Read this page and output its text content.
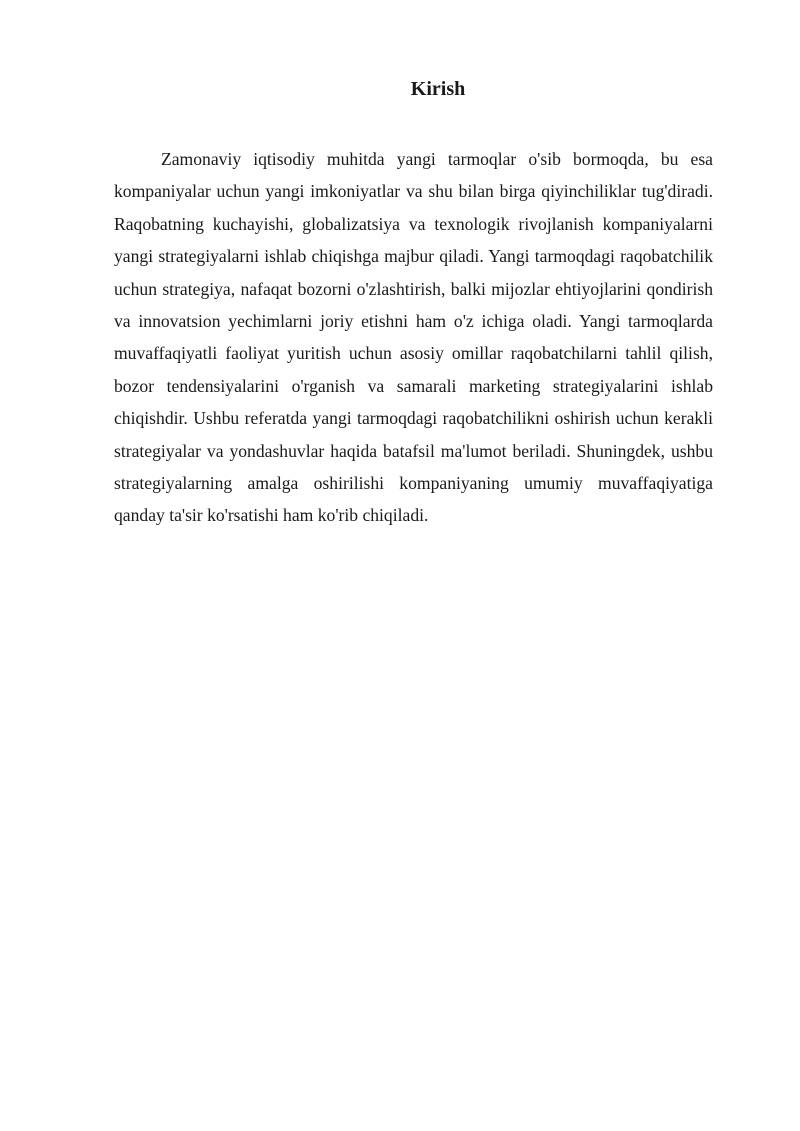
Kirish

Zamonaviy iqtisodiy muhitda yangi tarmoqlar o'sib bormoqda, bu esa kompaniyalar uchun yangi imkoniyatlar va shu bilan birga qiyinchiliklar tug'diradi. Raqobatning kuchayishi, globalizatsiya va texnologik rivojlanish kompaniyalarni yangi strategiyalarni ishlab chiqishga majbur qiladi. Yangi tarmoqdagi raqobatchilik uchun strategiya, nafaqat bozorni o'zlashtirish, balki mijozlar ehtiyojlarini qondirish va innovatsion yechimlarni joriy etishni ham o'z ichiga oladi. Yangi tarmoqlarda muvaffaqiyatli faoliyat yuritish uchun asosiy omillar raqobatchilarni tahlil qilish, bozor tendensiyalarini o'rganish va samarali marketing strategiyalarini ishlab chiqishdir. Ushbu referatda yangi tarmoqdagi raqobatchilikni oshirish uchun kerakli strategiyalar va yondashuvlar haqida batafsil ma'lumot beriladi. Shuningdek, ushbu strategiyalarning amalga oshirilishi kompaniyaning umumiy muvaffaqiyatiga qanday ta'sir ko'rsatishi ham ko'rib chiqiladi.
